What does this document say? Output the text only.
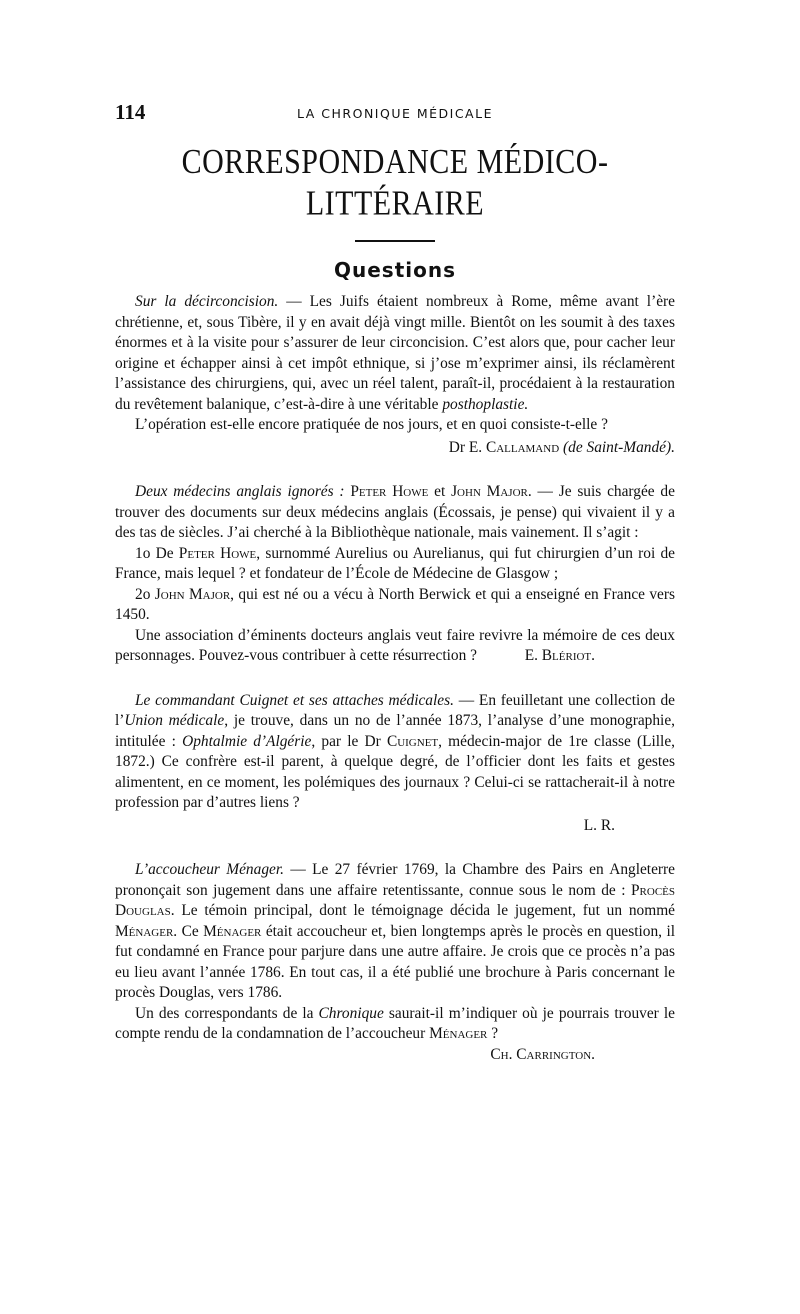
114	LA CHRONIQUE MÉDICALE
CORRESPONDANCE MÉDICO-LITTÉRAIRE
Questions

Sur la décirconcision. — Les Juifs étaient nombreux à Rome, même avant l’ère chrétienne, et, sous Tibère, il y en avait déjà vingt mille. Bientôt on les soumit à des taxes énormes et à la visite pour s’assurer de leur circoncision. C’est alors que, pour cacher leur origine et échapper ainsi à cet impôt ethnique, si j’ose m’exprimer ainsi, ils réclamèrent l’assistance des chirurgiens, qui, avec un réel talent, paraît-il, procédaient à la restauration du revêtement balanique, c’est-à-dire à une véritable posthoplastie.

L’opération est-elle encore pratiquée de nos jours, et en quoi consiste-t-elle ?

Dr E. Callamand (de Saint-Mandé).

Deux médecins anglais ignorés : Peter Howe et John Major. — Je suis chargée de trouver des documents sur deux médecins anglais (Écossais, je pense) qui vivaient il y a des tas de siècles. J’ai cherché à la Bibliothèque nationale, mais vainement. Il s’agit :

1o De Peter Howe, surnommé Aurelius ou Aurelianus, qui fut chirurgien d’un roi de France, mais lequel ? et fondateur de l’École de Médecine de Glasgow ;

2o John Major, qui est né ou a vécu à North Berwick et qui a enseigné en France vers 1450.

Une association d’éminents docteurs anglais veut faire revivre la mémoire de ces deux personnages. Pouvez-vous contribuer à cette résurrection ?	E. Blériot.

Le commandant Cuignet et ses attaches médicales. — En feuilletant une collection de l’Union médicale, je trouve, dans un no de l’année 1873, l’analyse d’une monographie, intitulée : Ophtalmie d’Algérie, par le Dr Cuignet, médecin-major de 1re classe (Lille, 1872.) Ce confrère est-il parent, à quelque degré, de l’officier dont les faits et gestes alimentent, en ce moment, les polémiques des journaux ? Celui-ci se rattacherait-il à notre profession par d’autres liens ?

L. R.

L’accoucheur Ménager. — Le 27 février 1769, la Chambre des Pairs en Angleterre prononçait son jugement dans une affaire retentissante, connue sous le nom de : Procès Douglas. Le témoin principal, dont le témoignage décida le jugement, fut un nommé Ménager. Ce Ménager était accoucheur et, bien longtemps après le procès en question, il fut condamné en France pour parjure dans une autre affaire. Je crois que ce procès n’a pas eu lieu avant l’année 1786. En tout cas, il a été publié une brochure à Paris concernant le procès Douglas, vers 1786.

Un des correspondants de la Chronique saurait-il m’indiquer où je pourrais trouver le compte rendu de la condamnation de l’accoucheur Ménager ?
Ch. Carrington.
